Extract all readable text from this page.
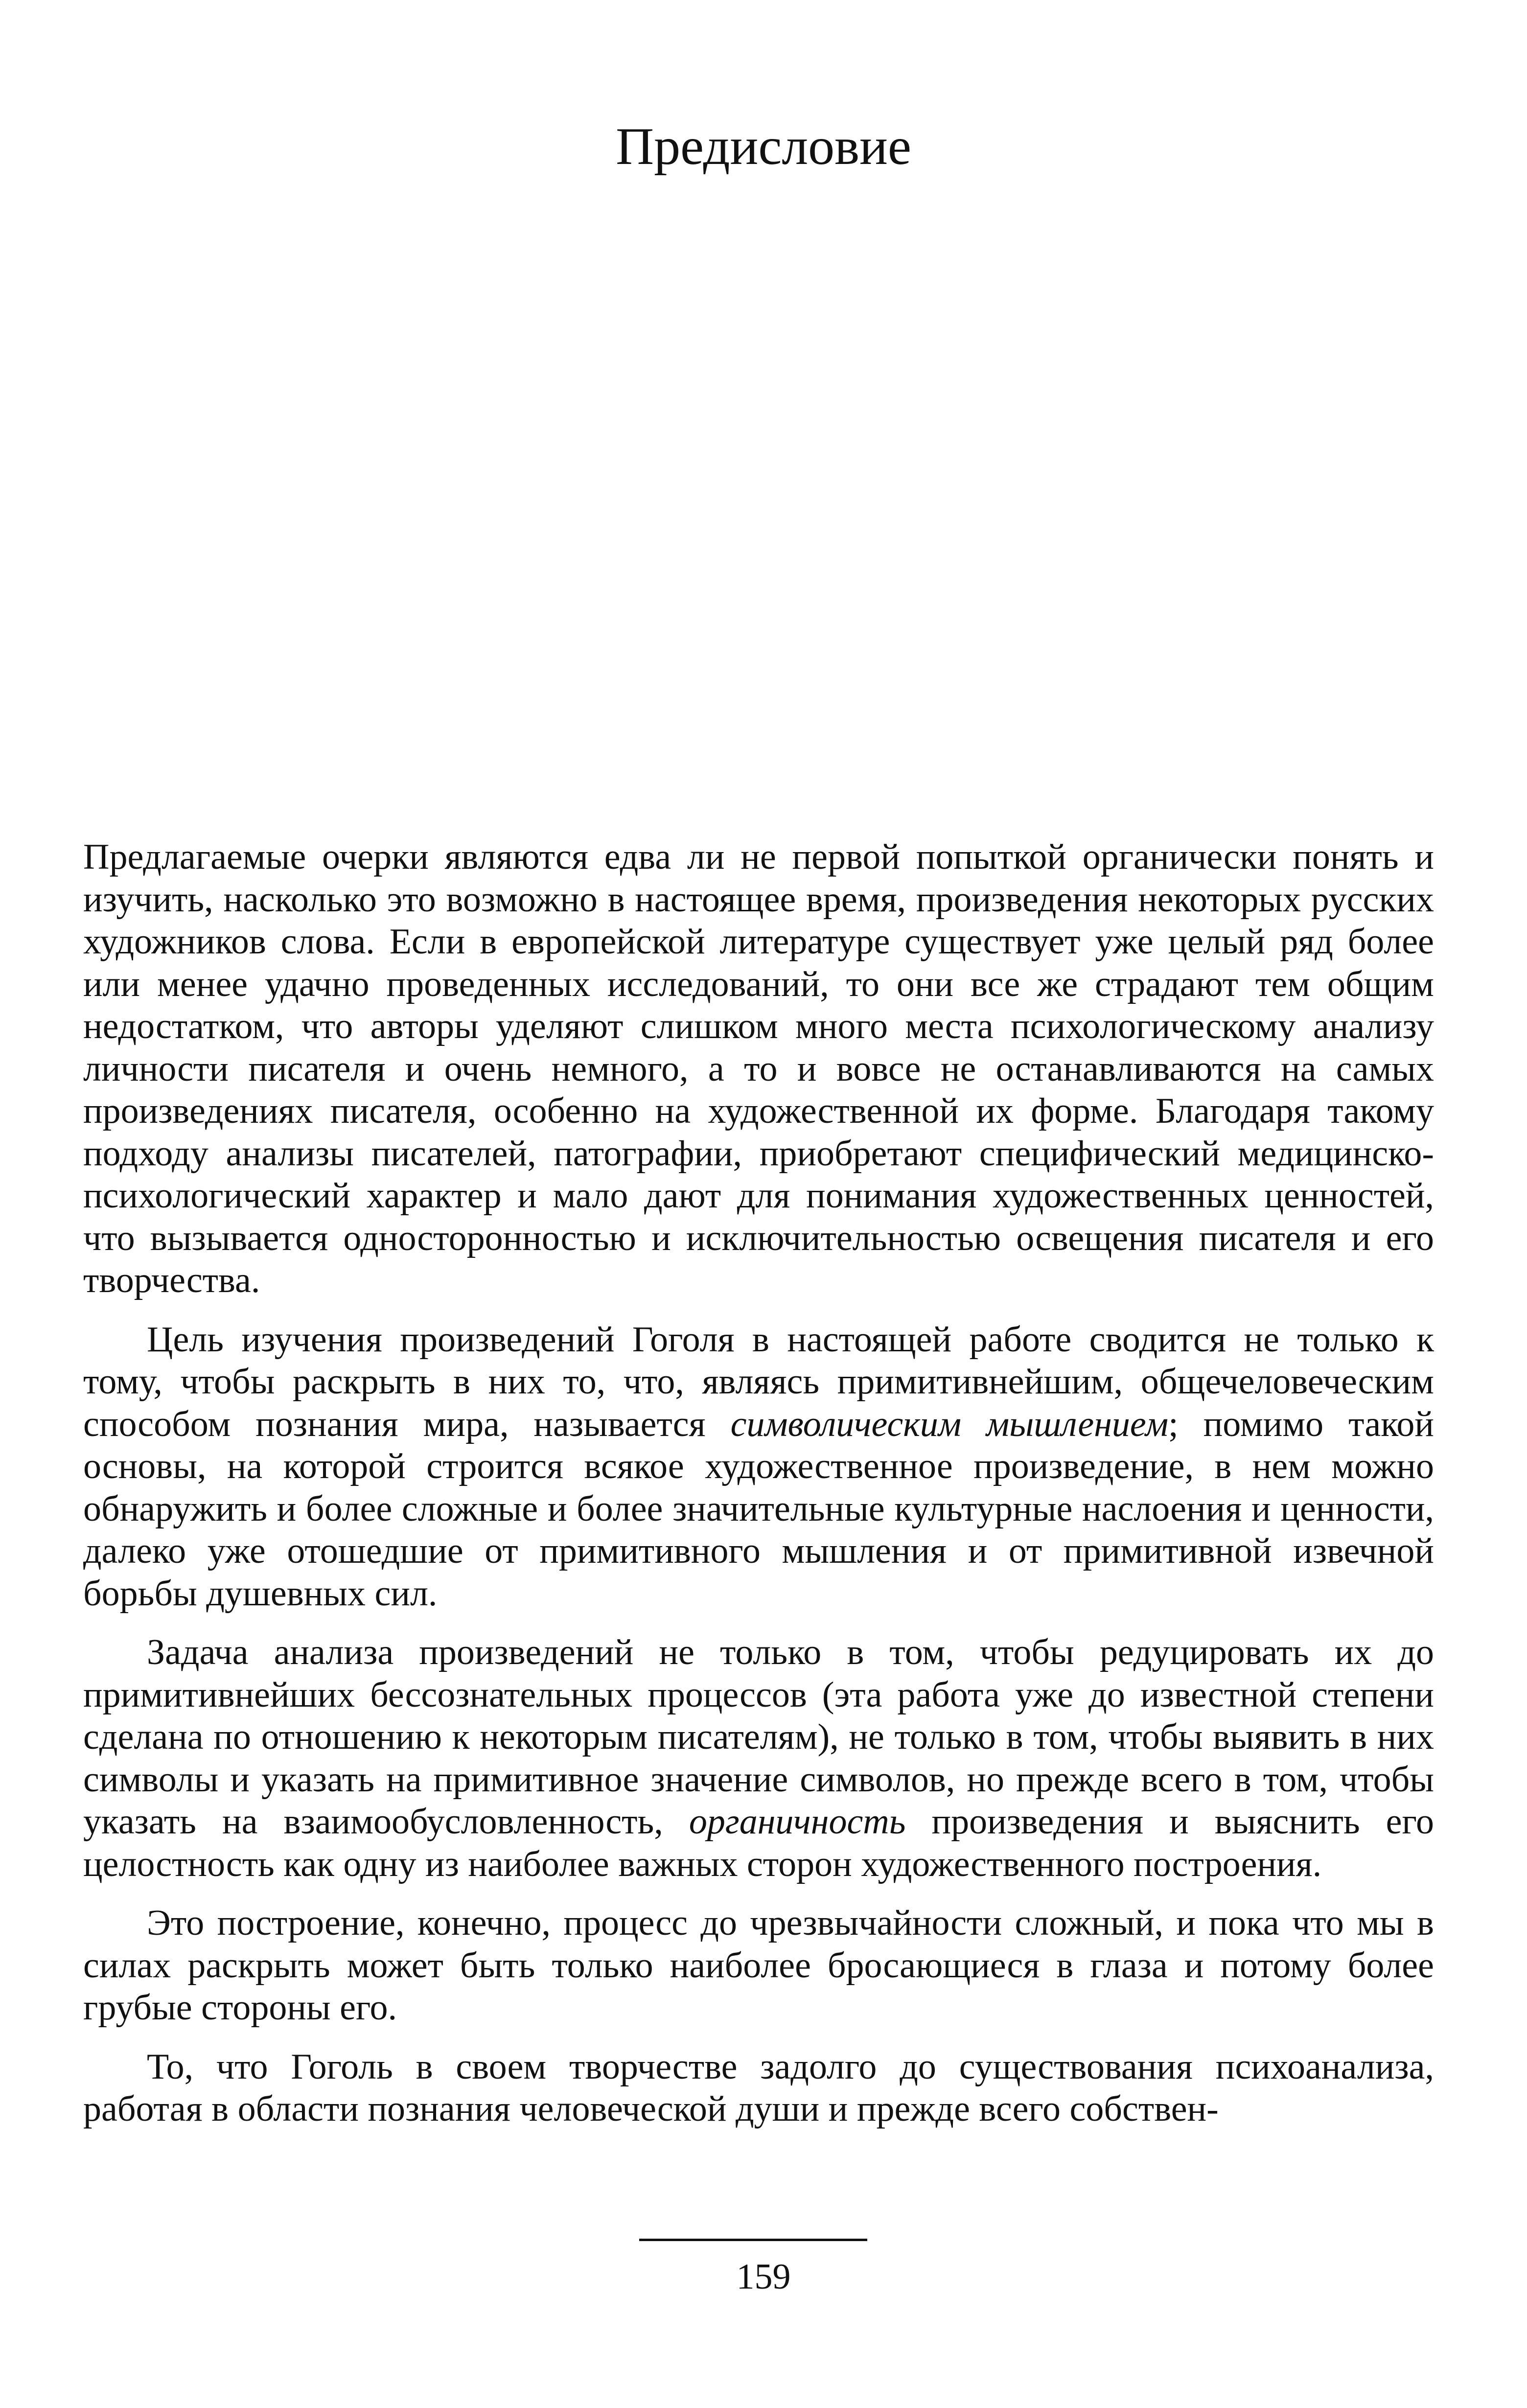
Предисловие

Предлагаемые очерки являются едва ли не первой попыткой органически понять и изучить, насколько это возможно в настоящее время, произведения некоторых русских художников слова. Если в европейской литературе существует уже целый ряд более или менее удачно проведенных исследований, то они все же страдают тем общим недостатком, что авторы уделяют слишком много места психологическому анализу личности писателя и очень немного, а то и вовсе не останавливаются на самых произведениях писателя, особенно на художественной их форме. Благодаря такому подходу анализы писателей, патографии, приобретают специфический медицинско-психологический характер и мало дают для понимания художественных ценностей, что вызывается односторонностью и исключительностью освещения писателя и его творчества.

Цель изучения произведений Гоголя в настоящей работе сводится не только к тому, чтобы раскрыть в них то, что, являясь примитивнейшим, общечеловеческим способом познания мира, называется символическим мышлением; помимо такой основы, на которой строится всякое художественное произведение, в нем можно обнаружить и более сложные и более значительные культурные наслоения и ценности, далеко уже отошедшие от примитивного мышления и от примитивной извечной борьбы душевных сил.

Задача анализа произведений не только в том, чтобы редуцировать их до примитивнейших бессознательных процессов (эта работа уже до известной степени сделана по отношению к некоторым писателям), не только в том, чтобы выявить в них символы и указать на примитивное значение символов, но прежде всего в том, чтобы указать на взаимообусловленность, органичность произведения и выяснить его целостность как одну из наиболее важных сторон художественного построения.

Это построение, конечно, процесс до чрезвычайности сложный, и пока что мы в силах раскрыть может быть только наиболее бросающиеся в глаза и потому более грубые стороны его.

То, что Гоголь в своем творчестве задолго до существования психоанализа, работая в области познания человеческой души и прежде всего собствен-

159
